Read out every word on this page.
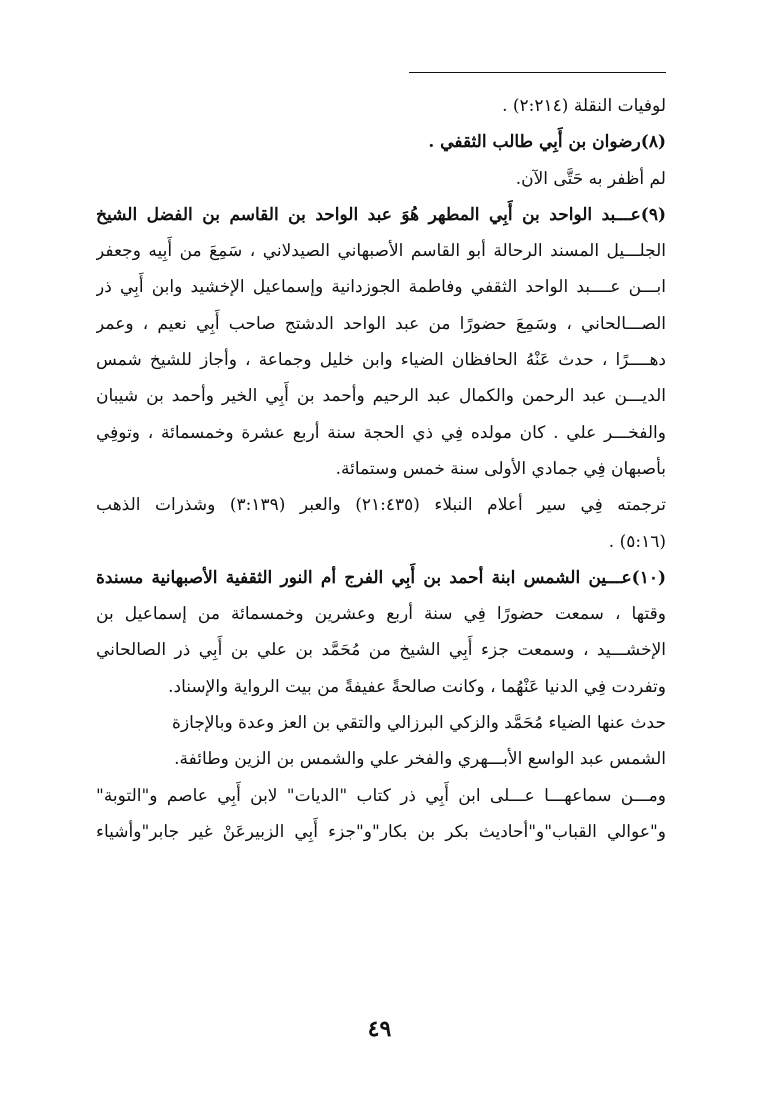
لوفيات النقلة (٢:٢١٤) .
(٨)رضوان بن أَبِي طالب الثقفي .
لم أظفر به حَتَّى الآن.
(٩)عـــبد الواحد بن أَبِي المطهر هُوَ عبد الواحد بن القاسم بن الفضل الشيخ
الجلـــيل المسند الرحالة أبو القاسم الأصبهاني الصيدلاني ، سَمِعَ من أَبِيه وجعفر
ابـــن عــــبد الواحد الثقفي وفاطمة الجوزدانية وإسماعيل الإخشيد وابن أَبِي ذر
الصـــالحاني ، وسَمِعَ حضورًا من عبد الواحد الدشتج صاحب أَبِي نعيم ، وعمر
دهــــرًا ، حدث عَنْهُ الحافظان الضياء وابن خليل وجماعة ، وأجاز للشيخ شمس
الديـــن عبد الرحمن والكمال عبد الرحيم وأحمد بن أَبِي الخير وأحمد بن شيبان
والفخـــر علي . كان مولده فِي ذي الحجة سنة أربع عشرة وخمسمائة ، وتوفِي
بأصبهان فِي جمادي الأولى سنة خمس وستمائة.
ترجمته فِي سير أعلام النبلاء (٢١:٤٣٥) والعبر (٣:١٣٩) وشذرات الذهب
(٥:١٦) .
(١٠)عـــين الشمس ابنة أحمد بن أَبِي الفرج أم النور الثقفية الأصبهانية مسندة
وقتها ، سمعت حضورًا فِي سنة أربع وعشرين وخمسمائة من إسماعيل بن
الإخشـــيد ، وسمعت جزء أَبِي الشيخ من مُحَمَّد بن علي بن أَبِي ذر الصالحاني
وتفردت فِي الدنيا عَنْهُما ، وكانت صالحةً عفيفةً من بيت الرواية والإسناد.
حدث عنها الضياء مُحَمَّد والزكي البرزالي والتقي بن العز وعدة وبالإجازة
الشمس عبد الواسع الأبـــهري والفخر علي والشمس بن الزين وطائفة.
ومـــن سماعهـــا عـــلى ابن أَبِي ذر كتاب "الديات" لابن أَبِي عاصم و"التوبة"
و"عوالي القباب"و"أحاديث بكر بن بكار"و"جزء أَبِي الزبيرعَنْ غير جابر"وأشياء
٤٩
